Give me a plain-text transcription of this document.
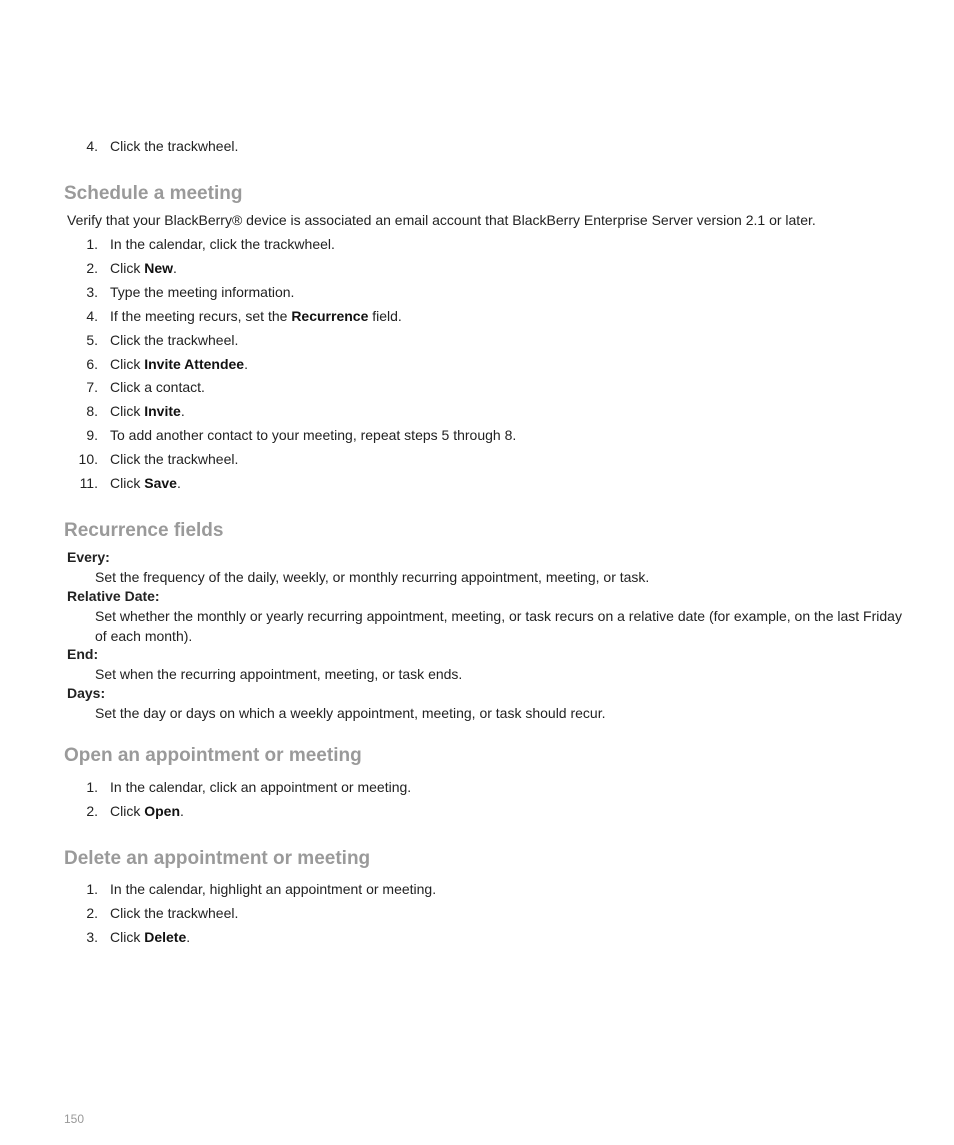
4. Click the trackwheel.
Schedule a meeting
Verify that your BlackBerry® device is associated an email account that BlackBerry Enterprise Server version 2.1 or later.
1. In the calendar, click the trackwheel.
2. Click New.
3. Type the meeting information.
4. If the meeting recurs, set the Recurrence field.
5. Click the trackwheel.
6. Click Invite Attendee.
7. Click a contact.
8. Click Invite.
9. To add another contact to your meeting, repeat steps 5 through 8.
10. Click the trackwheel.
11. Click Save.
Recurrence fields
Every:
Set the frequency of the daily, weekly, or monthly recurring appointment, meeting, or task.
Relative Date:
Set whether the monthly or yearly recurring appointment, meeting, or task recurs on a relative date (for example, on the last Friday
of each month).
End:
Set when the recurring appointment, meeting, or task ends.
Days:
Set the day or days on which a weekly appointment, meeting, or task should recur.
Open an appointment or meeting
1. In the calendar, click an appointment or meeting.
2. Click Open.
Delete an appointment or meeting
1. In the calendar, highlight an appointment or meeting.
2. Click the trackwheel.
3. Click Delete.
150
